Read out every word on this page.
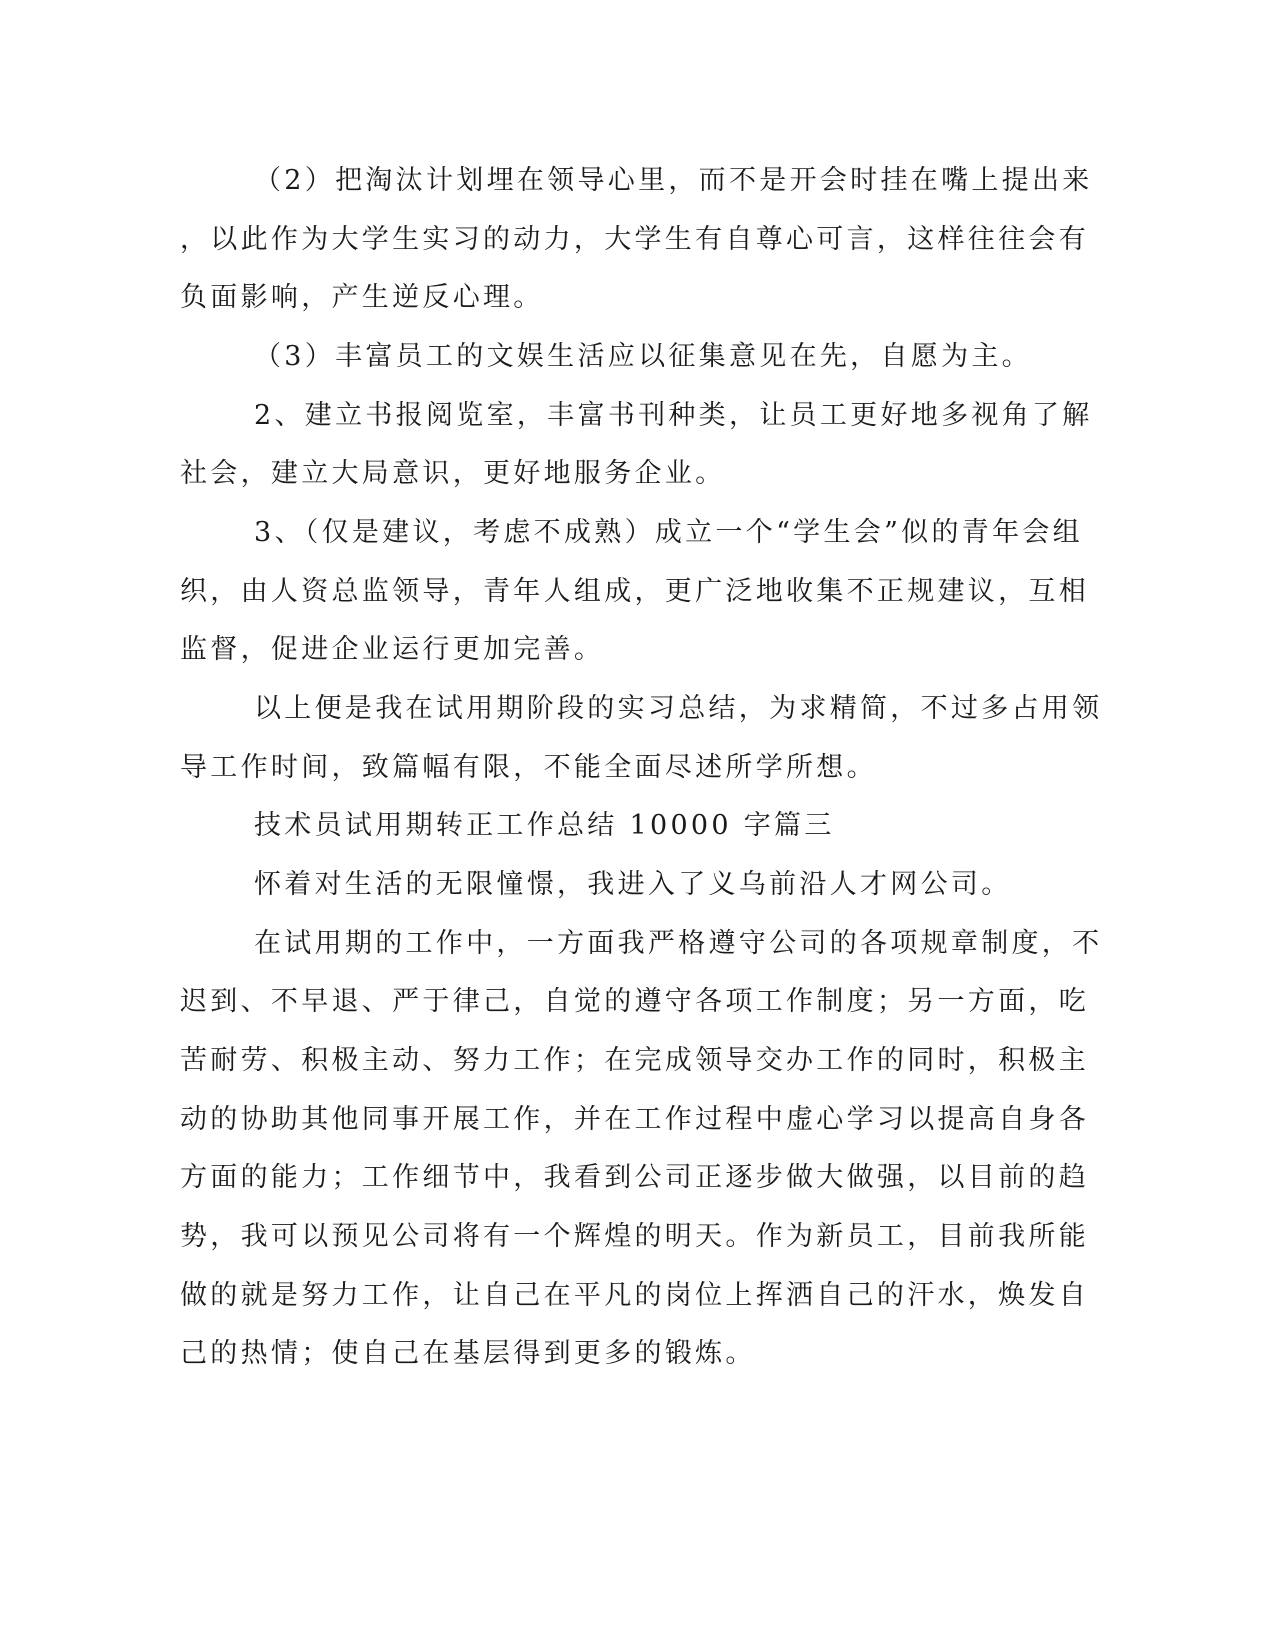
（2）把淘汰计划埋在领导心里，而不是开会时挂在嘴上提出来
，以此作为大学生实习的动力，大学生有自尊心可言，这样往往会有
负面影响，产生逆反心理。
（3）丰富员工的文娱生活应以征集意见在先，自愿为主。
2、建立书报阅览室，丰富书刊种类，让员工更好地多视角了解
社会，建立大局意识，更好地服务企业。
3、（仅是建议，考虑不成熟）成立一个“学生会”似的青年会组
织，由人资总监领导，青年人组成，更广泛地收集不正规建议，互相
监督，促进企业运行更加完善。
以上便是我在试用期阶段的实习总结，为求精简，不过多占用领
导工作时间，致篇幅有限，不能全面尽述所学所想。
技术员试用期转正工作总结 10000 字篇三
怀着对生活的无限憧憬，我进入了义乌前沿人才网公司。
在试用期的工作中，一方面我严格遵守公司的各项规章制度，不
迟到、不早退、严于律己，自觉的遵守各项工作制度；另一方面，吃
苦耐劳、积极主动、努力工作；在完成领导交办工作的同时，积极主
动的协助其他同事开展工作，并在工作过程中虚心学习以提高自身各
方面的能力；工作细节中，我看到公司正逐步做大做强，以目前的趋
势，我可以预见公司将有一个辉煌的明天。作为新员工，目前我所能
做的就是努力工作，让自己在平凡的岗位上挥洒自己的汗水，焕发自
己的热情；使自己在基层得到更多的锻炼。
